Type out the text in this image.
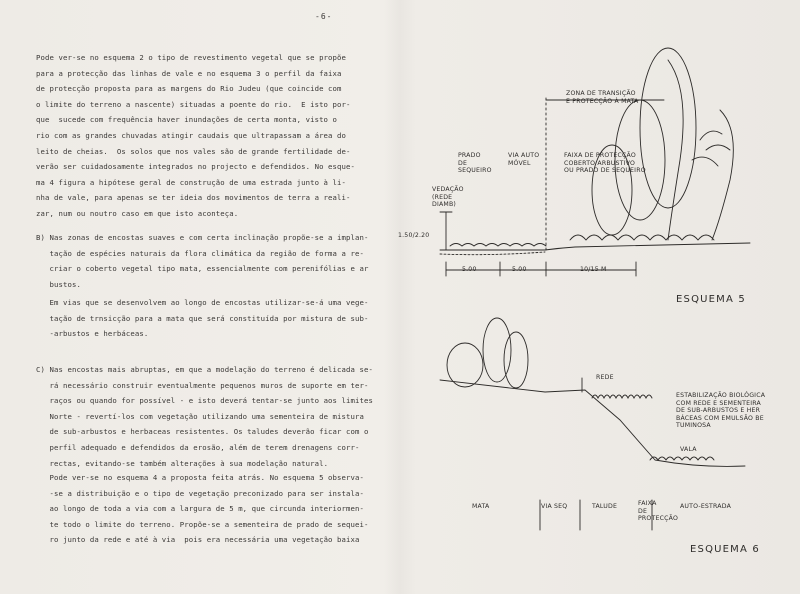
-6-
Pode ver-se no esquema 2 o tipo de revestimento vegetal que se propõe
para a protecção das linhas de vale e no esquema 3 o perfil da faixa
de protecção proposta para as margens do Rio Judeu (que coincide com
o limite do terreno a nascente) situadas a poente do rio.  E isto por-
que  sucede com frequência haver inundações de certa monta, visto o
rio com as grandes chuvadas atingir caudais que ultrapassam a área do
leito de cheias.  Os solos que nos vales são de grande fertilidade de-
verão ser cuidadosamente integrados no projecto e defendidos. No esque-
ma 4 figura a hipótese geral de construção de uma estrada junto à li-
nha de vale, para apenas se ter ideia dos movimentos de terra a reali-
zar, num ou noutro caso em que isto aconteça.
B) Nas zonas de encostas suaves e com certa inclinação propõe-se a implan-
tação de espécies naturais da flora climática da região de forma a re-
criar o coberto vegetal tipo mata, essencialmente com perenifólias e ar
bustos.
Em vias que se desenvolvem ao longo de encostas utilizar-se-á uma vege-
tação de trnsicção para a mata que será constituída por mistura de sub-
-arbustos e herbáceas.
C) Nas encostas mais abruptas, em que a modelação do terreno é delicada se-
rá necessário construir eventualmente pequenos muros de suporte em ter-
raços ou quando for possível - e isto deverá tentar-se junto aos limites
Norte - revertí-los com vegetação utilizando uma sementeira de mistura
de sub-arbustos e herbaceas resistentes. Os taludes deverão ficar com o
perfil adequado e defendidos da erosão, além de terem drenagens corr-
rectas, evitando-se também alterações à sua modelação natural.
Pode ver-se no esquema 4 a proposta feita atrás. No esquema 5 observa-
-se a distribuição e o tipo de vegetação preconizado para ser instala-
ao longo de toda a via com a largura de 5 m, que circunda interiormen-
te todo o limite do terreno. Propõe-se a sementeira de prado de sequei-
ro junto da rede e até à via  pois era necessária uma vegetação baixa
ZONA DE TRANSIÇÃO
E PROTECÇÃO À MATA
PRADO
DE
SEQUEIRO
VIA AUTO
MÓVEL
FAIXA DE PROTECÇÃO
COBERTO ARBUSTIVO
OU PRADO DE SEQUEIRO
VEDAÇÃO
(REDE
DIAMB)
1.50/2.20
5.00	5.00	10/15 M
ESQUEMA 5
REDE
ESTABILIZAÇÃO BIOLÓGICA
COM REDE E SEMENTEIRA
DE SUB-ARBUSTOS E HER
BÁCEAS COM EMULSÃO BE
TUMINOSA
VALA
MATA	VIA SEQ	TALUDE	FAIXA
DE
PROTECÇÃO
AUTO-ESTRADA
ESQUEMA 6
